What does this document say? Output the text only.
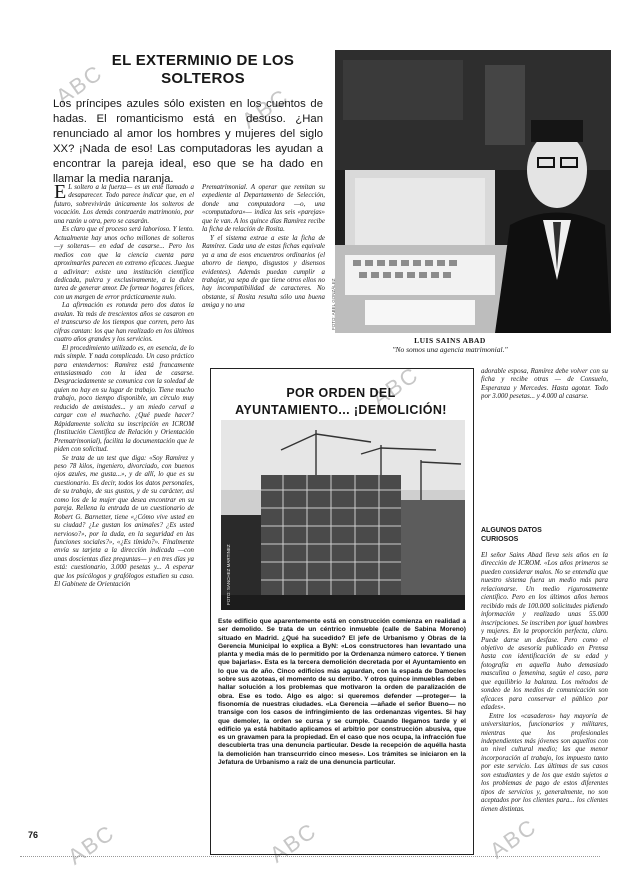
ABC	ABC
ABC
ABC	ABC	ABC
EL EXTERMINIO DE LOS SOLTEROS
Los príncipes azules sólo existen en los cuentos de hadas. El romanticismo está en desuso. ¿Han renunciado al amor los hombres y mujeres del siglo XX? ¡Nada de eso! Las computadoras les ayudan a encontrar la pareja ideal, eso que se ha dado en llamar la media naranja.

E L soltero a la fuerza— es un ente llamado a desaparecer. Todo parece indicar que, en el futuro, sobrevivirán únicamente los solteros de vocación. Los demás contraerán matrimonio, por una razón u otra, pero se casarán.

Es claro que el proceso será laborioso. Y lento. Actualmente hay unos ocho millones de solteros —y solteras— en edad de casarse... Pero los medios con que la ciencia cuenta para aproximarles parecen en extremo eficaces. Juegue a adivinar: existe una institución científica dedicada, pulcra y exclusivamente, a la dulce tarea de generar amor. De formar hogares felices, con un margen de error prácticamente nulo.

La afirmación es rotunda pero dos datos la avalan. Ya más de trescientos años se casaron en el transcurso de los tiempos que corren, pero las cifras cantan: los que han realizado en los últimos cuatro años grandes y los servicios.

El procedimiento utilizado es, en esencia, de lo más simple. Y nada complicado. Un caso práctico para entendernos: Ramírez está francamente entusiasmado con la idea de casarse. Desgraciadamente se comunica con la soledad de quien no hay en su lugar de trabajo. Tiene mucho trabajo, poco tiempo disponible, un círculo muy reducido de amistades... y un miedo cerval a cargar con el muchacho. ¿Qué puede hacer? Rápidamente solicita su inscripción en ICROM (Institución Científica de Relación y Orientación Prematrimonial), facilita la documentación que le piden con solicitud.

Se trata de un test que diga: «Soy Ramírez y peso 78 kilos, ingeniero, divorciado, con buenos ojos azules, me gusta...», y de allí, lo que es su cuestionario. Es decir, todos los datos personales, de su trabajo, de sus gustos, y de su carácter, así como los de la mujer que desea encontrar en su pareja. Rellena la entrada de un cuestionario de Robert G. Barnetter, tiene «¿Cómo vive usted en su ciudad? ¿Le gustan los animales? ¿Es usted nervioso?», por la duda, en la seguridad en las funciones sociales?», «¿Es tímido?». Finalmente envía su tarjeta a la dirección indicada —con unas doscientas diez preguntas— y en tres días ya está: cuestionario, 3.000 pesetas y... A esperar que los psicólogos y grafólogos estudien su caso. El Gabinete de Orientación

Prematrimonial. A operar que remitan su expediente al Departamento de Selección, donde una computadora —o, una «computadora»— indica las seis «parejas» que le van. A los quince días Ramírez recibe la ficha de relación de Rosita.

Y el sistema extrae a este la ficha de Ramírez. Cada una de estas fichas equivale ya a una de esos encuentros ordinarios (el ahorro de tiempo, disgustos y disensos evidentes). Además puedan cumplir a trabajar, ya sepa de que tiene otros ellos no hay incompatibilidad de caracteres. No obstante, si Rosita resulta sólo una buena amiga y no una	FOTO: ABEL GONZÁLEZ
LUIS SAINS ABAD
"No somos una agencia matrimonial."
POR ORDEN DEL
AYUNTAMIENTO... ¡DEMOLICIÓN!
FOTO: SANCHEZ MARTINEZ
Este edificio que aparentemente está en construcción comienza en realidad a ser demolido. Se trata de un céntrico inmueble (calle de Sabina Moreno) situado en Madrid. ¿Qué ha sucedido? El jefe de Urbanismo y Obras de la Gerencia Municipal lo explica a ByN: «Los constructores han levantado una planta y media más de lo permitido por la Ordenanza número catorce. Y tienen que bajarlas». Esta es la tercera demolición decretada por el Ayuntamiento en lo que va de año. Cinco edificios más aguardan, con la espada de Damocles sobre sus azoteas, el momento de su derribo. Y otros quince inmuebles deben hallar solución a los problemas que motivaron la orden de paralización de obra. Ese es todo. Algo es algo: si queremos defender —proteger— la fisonomía de nuestras ciudades. «La Gerencia —añade el señor Bueno— no transige con los casos de infringimiento de las ordenanzas vigentes. Si hay que demoler, la orden se cursa y se cumple. Cuando llegamos tarde y el edificio ya está habitado aplicamos el arbitrio por construcción abusiva, que es un gravamen para la propiedad. En el caso que nos ocupa, la infracción fue descubierta tras una denuncia particular. Desde la recepción de aquélla hasta la demolición han transcurrido cinco meses». Los trámites se iniciaron en la Jefatura de Urbanismo a raíz de una denuncia particular.

adorable esposa, Ramírez debe volver con su ficha y recibe otras — de Consuelo, Esperanza y Mercedes. Hasta agotar. Todo por 3.000 pesetas... y 4.000 al casarse.

ALGUNOS DATOS
CURIOSOS

El señor Sains Abad lleva seis años en la dirección de ICROM. «Los años primeros se pueden considerar malos. No se entendía que nuestro sistema fuera un medio más para relacionarse. Un medio rigurosamente científico. Pero en los últimos años hemos recibido más de 100.000 solicitudes pidiendo información y realizado unas 55.000 inscripciones. Se inscriben por igual hombres y mujeres. En la proporción perfecta, claro. Puede darse un desfase. Pero como el objetivo de asesoría publicado en Prensa hasta con identificación de su edad y fotografía en aquella hubo demasiado masculina o femenina, según el caso, para que equilibrio la balanza. Los métodos de sondeo de los medios de comunicación son eficaces para conservar el público por edades».

Entre los «casaderos» hay mayoría de universitarios, funcionarios y militares, mientras que los profesionales independientes más jóvenes son aquellos con un nivel cultural medio; las que menor incorporación al trabajo, los impuesto tanto por este servicio. Las últimas de sus casos son estudiantes y de los que están sujetos a los problemas de pago de estos diferentes tipos de servicios y, generalmente, no son aceptados por los clientes para... los clientes tienen distintas.

76
